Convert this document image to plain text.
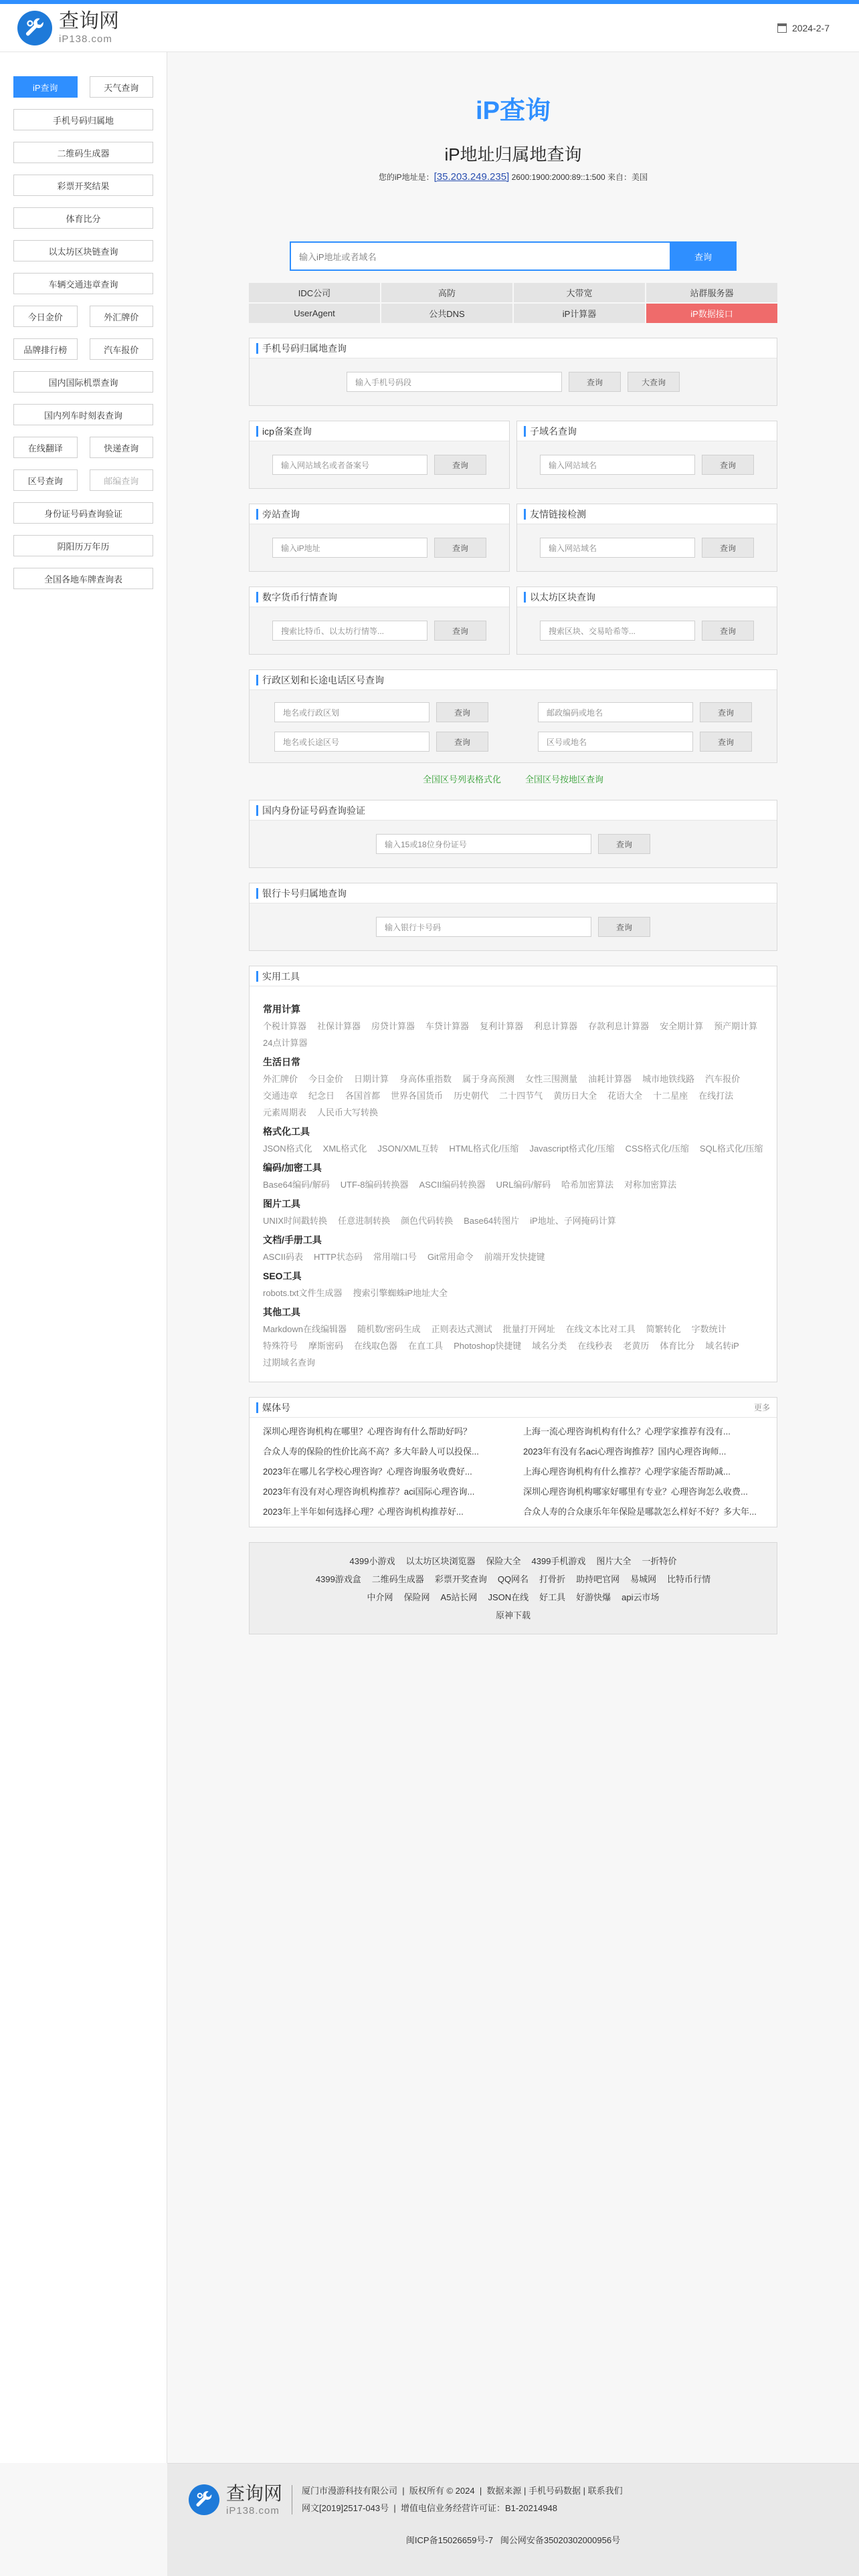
查询网
iP138.com
2024-2-7
iP查询	天气查询
手机号码归属地
二维码生成器
彩票开奖结果
体育比分
以太坊区块链查询
车辆交通违章查询
今日金价	外汇牌价
品牌排行榜	汽车报价
国内国际机票查询
国内列车时刻表查询
在线翻译	快递查询
区号查询	邮编查询
身份证号码查询验证
阴阳历万年历
全国各地车牌查询表
iP查询
iP地址归属地查询
您的iP地址是：[35.203.249.235] 2600:1900:2000:89::1:500 来自：美国
输入iP地址或者域名	查询
IDC公司	高防	大带宽	站群服务器
UserAgent	公共DNS	iP计算器	iP数据接口
手机号码归属地查询
输入手机号码段	查询	大查询
icp备案查询
输入网站域名或者备案号	查询
子域名查询
输入网站域名	查询
旁站查询
输入iP地址	查询
友情链接检测
输入网站域名	查询
数字货币行情查询
搜索比特币、以太坊行情等...	查询
以太坊区块查询
搜索区块、交易哈希等...	查询
行政区划和长途电话区号查询
地名或行政区划	查询	邮政编码或地名	查询
地名或长途区号	查询	区号或地名	查询
全国区号列表格式化	全国区号按地区查询
国内身份证号码查询验证
输入15或18位身份证号	查询
银行卡号归属地查询
输入银行卡号码	查询
实用工具
常用计算
个税计算器 社保计算器 房贷计算器 车贷计算器 复利计算器 利息计算器 存款利息计算器 安全期计算 预产期计算
24点计算器
生活日常
外汇牌价 今日金价 日期计算 身高体重指数 属于身高预测 女性三围测量 油耗计算器 城市地铁线路 汽车报价
交通违章 纪念日 各国首都 世界各国货币 历史朝代 二十四节气 黄历日大全 花语大全 十二星座 在线打法
元素周期表 人民币大写转换
格式化工具
JSON格式化 XML格式化 JSON/XML互转 HTML格式化/压缩 Javascript格式化/压缩 CSS格式化/压缩 SQL格式化/压缩
编码/加密工具
Base64编码/解码 UTF-8编码转换器 ASCII编码转换器 URL编码/解码 哈希加密算法 对称加密算法
图片工具
UNIX时间戳转换 任意进制转换 颜色代码转换 Base64转图片 iP地址、子网掩码计算
文档/手册工具
ASCII码表 HTTP状态码 常用端口号 Git常用命令 前端开发快捷键
SEO工具
robots.txt文件生成器 搜索引擎蜘蛛iP地址大全
其他工具
Markdown在线编辑器 随机数/密码生成 正则表达式测试 批量打开网址 在线文本比对工具 简繁转化 字数统计
特殊符号 摩斯密码 在线取色器 在直工具 Photoshop快捷键 域名分类 在线秒表 老黄历 体育比分 域名转iP
过期域名查询
媒体号	更多
深圳心理咨询机构在哪里？心理咨询有什么帮助好吗？	上海一流心理咨询机构有什么？心理学家推荐有没有...
合众人寿的保险的性价比高不高？多大年龄人可以投保...	2023年有没有名aci心理咨询推荐？国内心理咨询师...
2023年在哪儿名学校心理咨询？心理咨询服务收费好...	上海心理咨询机构有什么推荐？心理学家能否帮助减...
2023年有没有对心理咨询机构推荐？aci国际心理咨询...	深圳心理咨询机构哪家好哪里有专业？心理咨询怎么收费...
2023年上半年如何选择心理？心理咨询机构推荐好...	合众人寿的合众康乐年年保险是哪款怎么样好不好？多大年...
4399小游戏 以太坊区块浏览器 保险大全 4399手机游戏 图片大全 一折特价
4399游戏盒 二维码生成器 彩票开奖查询 QQ网名 打骨折 助持吧官网 易城网 比特币行情
中介网 保险网 A5站长网 JSON在线 好工具 好游快爆 api云市场
原神下载
查询网
iP138.com
厦门市漫游科技有限公司  |  版权所有 © 2024  |  数据来源 | 手机号码数据 | 联系我们
网文[2019]2517-043号  |  增值电信业务经营许可证：B1-20214948
闽ICP备15026659号-7 闽公网安备35020302000956号
